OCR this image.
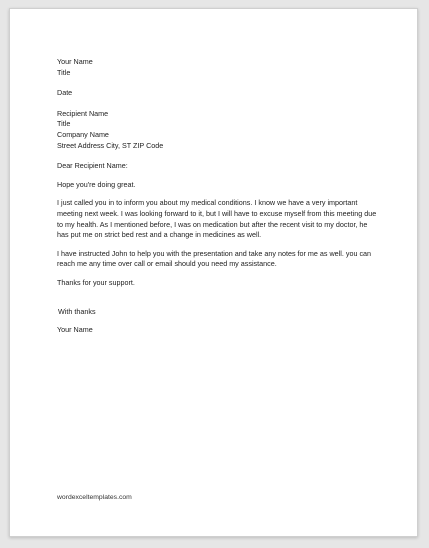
Your Name
Title
Date
Recipient Name
Title
Company Name
Street Address City, ST ZIP Code
Dear Recipient Name:

Hope you're doing great.

I just called you in to inform you about my medical conditions. I know we have a very important meeting next week. I was looking forward to it, but I will have to excuse myself from this meeting due to my health. As I mentioned before, I was on medication but after the recent visit to my doctor, he has put me on strict bed rest and a change in medicines as well.

I have instructed John to help you with the presentation and take any notes for me as well. you can reach me any time over call or email should you need my assistance.

Thanks for your support.

With thanks
Your Name
wordexceltemplates.com
